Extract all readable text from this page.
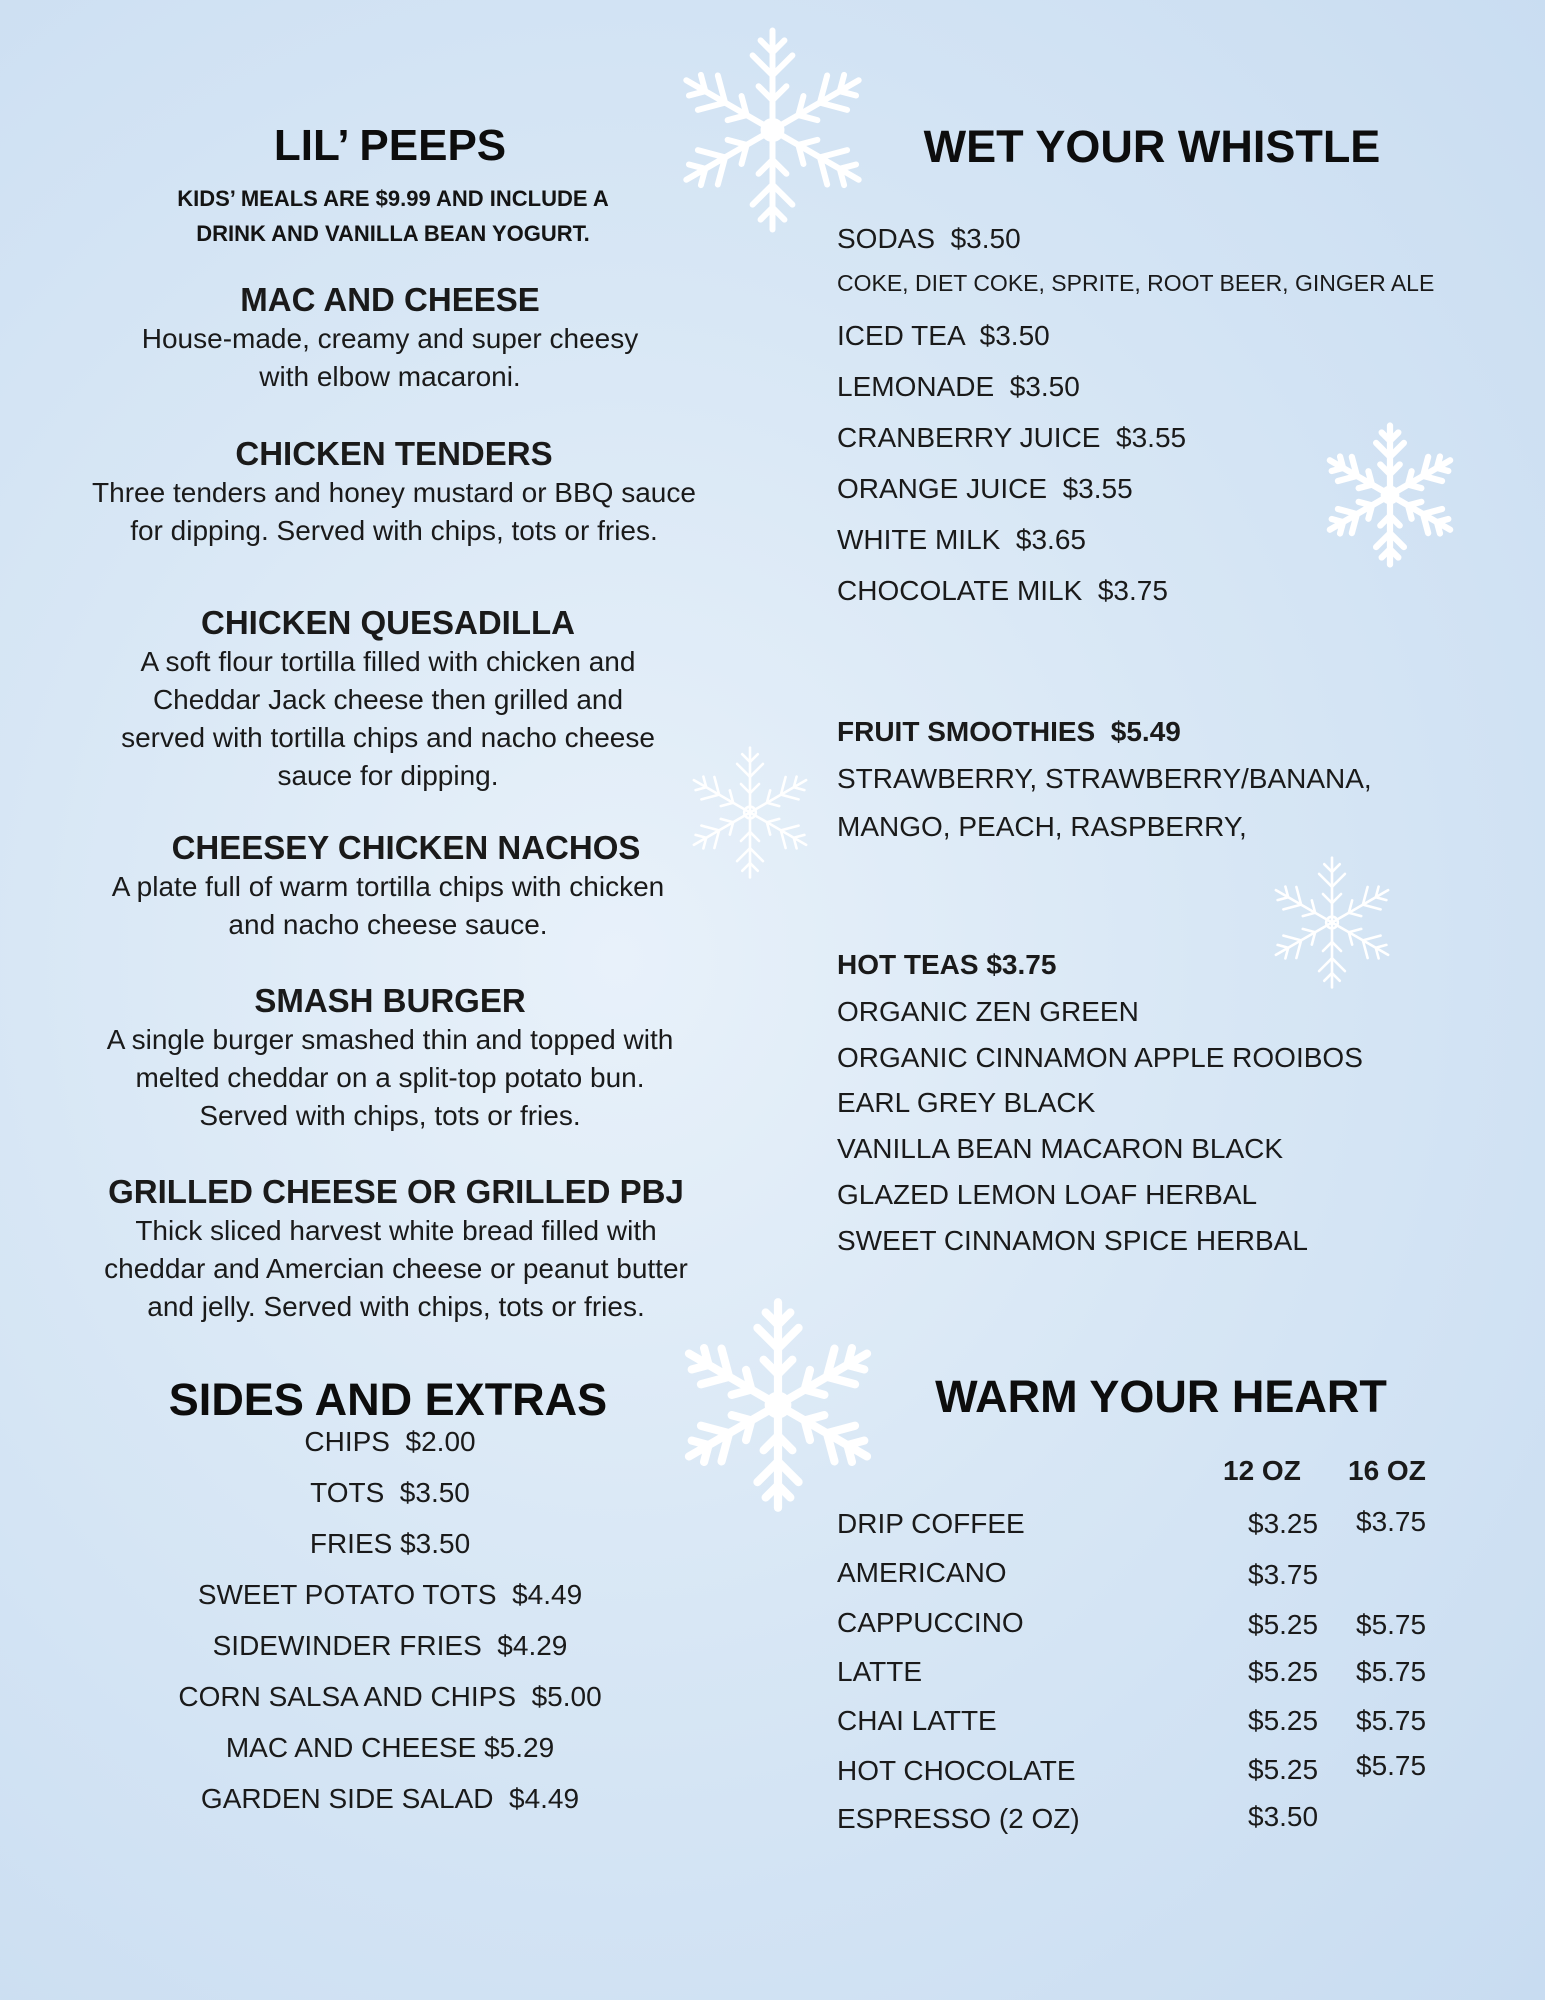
LIL’ PEEPS
KIDS’ MEALS ARE $9.99 AND INCLUDE A
DRINK AND VANILLA BEAN YOGURT.
MAC AND CHEESE
House-made, creamy and super cheesy
with elbow macaroni.
CHICKEN TENDERS
Three tenders and honey mustard or BBQ sauce
for dipping. Served with chips, tots or fries.
CHICKEN QUESADILLA
A soft flour tortilla filled with chicken and
Cheddar Jack cheese then grilled and
served with tortilla chips and nacho cheese
sauce for dipping.
CHEESEY CHICKEN NACHOS
A plate full of warm tortilla chips with chicken
and nacho cheese sauce.
SMASH BURGER
A single burger smashed thin and topped with
melted cheddar on a split-top potato bun.
Served with chips, tots or fries.
GRILLED CHEESE OR GRILLED PBJ
Thick sliced harvest white bread filled with
cheddar and Amercian cheese or peanut butter
and jelly. Served with chips, tots or fries.
SIDES AND EXTRAS
CHIPS  $2.00
TOTS  $3.50
FRIES $3.50
SWEET POTATO TOTS  $4.49
SIDEWINDER FRIES  $4.29
CORN SALSA AND CHIPS  $5.00
MAC AND CHEESE $5.29
GARDEN SIDE SALAD  $4.49
WET YOUR WHISTLE
SODAS  $3.50
COKE, DIET COKE, SPRITE, ROOT BEER, GINGER ALE
ICED TEA  $3.50
LEMONADE  $3.50
CRANBERRY JUICE  $3.55
ORANGE JUICE  $3.55
WHITE MILK  $3.65
CHOCOLATE MILK  $3.75
FRUIT SMOOTHIES  $5.49
STRAWBERRY, STRAWBERRY/BANANA,
MANGO, PEACH, RASPBERRY,
HOT TEAS $3.75
ORGANIC ZEN GREEN
ORGANIC CINNAMON APPLE ROOIBOS
EARL GREY BLACK
VANILLA BEAN MACARON BLACK
GLAZED LEMON LOAF HERBAL
SWEET CINNAMON SPICE HERBAL
WARM YOUR HEART
12 OZ 16 OZ
DRIP COFFEE	$3.25 $3.75
AMERICANO	$3.75
CAPPUCCINO	$5.25 $5.75
LATTE	$5.25 $5.75
CHAI LATTE	$5.25 $5.75
HOT CHOCOLATE	$5.25 $5.75
ESPRESSO (2 OZ)	$3.50
